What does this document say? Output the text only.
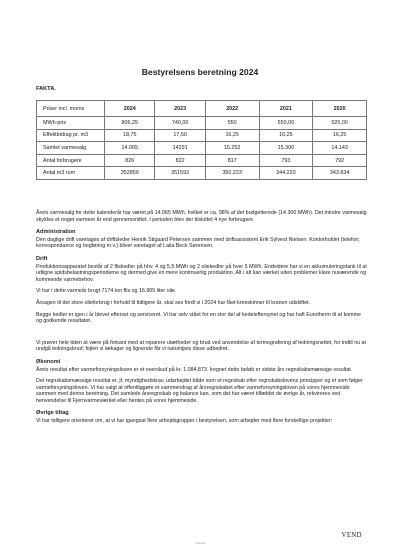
Bestyrelsens beretning 2024
FAKTA.
Priser incl. moms	2024	2023	2022	2021	2020
MWh-pris	806,25	740,00	550	550,00	525,00
Effektbidrag pr. m3	18,75	17,50	16,25	16,25	16,25
Samlet varmesalg	14.065	14291	15.252	15.300	14.143
Antal forbrugere	826	822	817	793	792
Antal m3 rum	352859	351592	350.223	344.220	343.834

Årets varmesalg for dette kalenderår har været på 14.065 MWh, hvilket er ca. 98% af det budgetterede (14.300 MWh). Det mindre varmesalg skyldes et noget varmere år end gennemsnittet. I perioden blev der tilsluttet 4 nye forbrugere.

Administration

Den daglige drift varetages af driftsleder Henrik Stigaard Petersen sammen med driftsassistent Erik Sylvest Nielsen. Kontorholdet (telefon; korrespondance og bogføring m.v.) bliver varetaget af Laila Beck Sørensen.

Drift

Produktionsapparatet består af 2 fliskedler på hhv. 4 og 5,5 MWh og 2 oliekedler på hver 5 MWh. Endvidere har vi en akkumuleringstank til at udligne spidsbelastningsperioderne og dermed give en mere kontinuerlig produktion. Alt i alt kan værket uden problemer klare nuværende og kommende varmebehov.

Vi har i dette varmeår brugt 7174 ton flis og 16.905 liter olie.

Årsagen til det store olieforbrug i forhold til tidligere år, skal ses fordi vi i 2024 har fået kreeskinner til kranen udskiftet.

Begge kedler er igen i år blevet efterset og serviceret. Vi har selv stået for en stor del af kedeleftersynet og har haft Eurotherm til at komme og godkende resultatet.

Vi prøver hele tiden at være på forkant med at reparere utætheder og brud ved anvendelse af termografering af ledningsnettet, for indtil nu at undgå ledningsbrud; fejlen vi lækager og lignende får vi naturligvis disse udbedret.

Økonomi

Årets resultat efter varmeforsyningsloven er et overskud på kr. 1.084.873. Iregnet dette beløb er sidste års regnskabsmæssige resultat.

Det regnskabsmæssige resultat er, jf. myndighedskrav, udarbejdet både som et regnskab efter regnskabslovens principper og et som følger varmeforsyningsloven. Vi har valgt at offentliggøre et sammendrag af årsregnskabet efter varmeforsyningsloven på vores hjemmeside sammen med denne beretning. Det samlede årsregnskab og balance kan, som det har været tilfældet de øvrige år, rekvireres ved henvendelse til Fjernvarmeværket eller hentes på vores hjemmeside.

Øvrige tiltag

Vi har tidligere orienteret om, at vi har igangsat flere arbejdsgrupper i bestyrelsen, som arbejder med flere forskellige projekter:

VEND
Internal
